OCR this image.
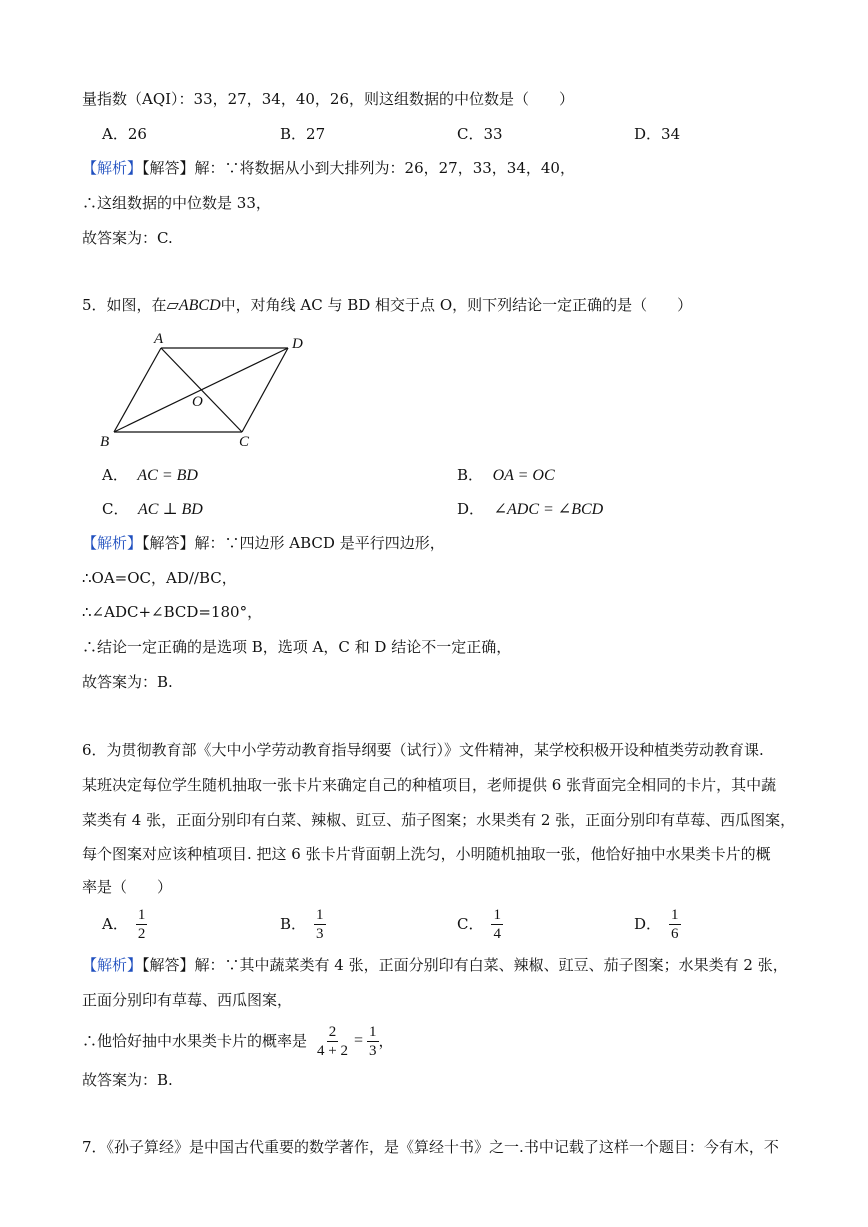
量指数（AQI）：33，27，34，40，26，则这组数据的中位数是（　　）
A．26	B．27	C．33	D．34
【解析】【解答】解：∵将数据从小到大排列为：26，27，33，34，40，
∴这组数据的中位数是 33，
故答案为：C.
5．如图，在▱ABCD中，对角线 AC 与 BD 相交于点 O，则下列结论一定正确的是（　　）
A	D
O
B	C
A． AC = BD	B． OA = OC
C． AC ⊥ BD	D． ∠ADC = ∠BCD
【解析】【解答】解：∵四边形 ABCD 是平行四边形，
∴OA=OC，AD//BC，
∴∠ADC+∠BCD=180°，
∴结论一定正确的是选项 B，选项 A，C 和 D 结论不一定正确，
故答案为：B.
6．为贯彻教育部《大中小学劳动教育指导纲要（试行）》文件精神，某学校积极开设种植类劳动教育课.
某班决定每位学生随机抽取一张卡片来确定自己的种植项目，老师提供 6 张背面完全相同的卡片，其中蔬
菜类有 4 张，正面分别印有白菜、辣椒、豇豆、茄子图案；水果类有 2 张，正面分别印有草莓、西瓜图案，
每个图案对应该种植项目. 把这 6 张卡片背面朝上洗匀，小明随机抽取一张，他恰好抽中水果类卡片的概
率是（　　）
A． $\frac{1}{2}$	B． $\frac{1}{3}$	C． $\frac{1}{4}$	D． $\frac{1}{6}$
【解析】【解答】解：∵其中蔬菜类有 4 张，正面分别印有白菜、辣椒、豇豆、茄子图案；水果类有 2 张，
正面分别印有草莓、西瓜图案，
∴他恰好抽中水果类卡片的概率是 $\frac{2}{4 + 2} = \frac{1}{3}$ ，
故答案为：B.
7．《孙子算经》是中国古代重要的数学著作，是《算经十书》之一.书中记载了这样一个题目：今有木，不
